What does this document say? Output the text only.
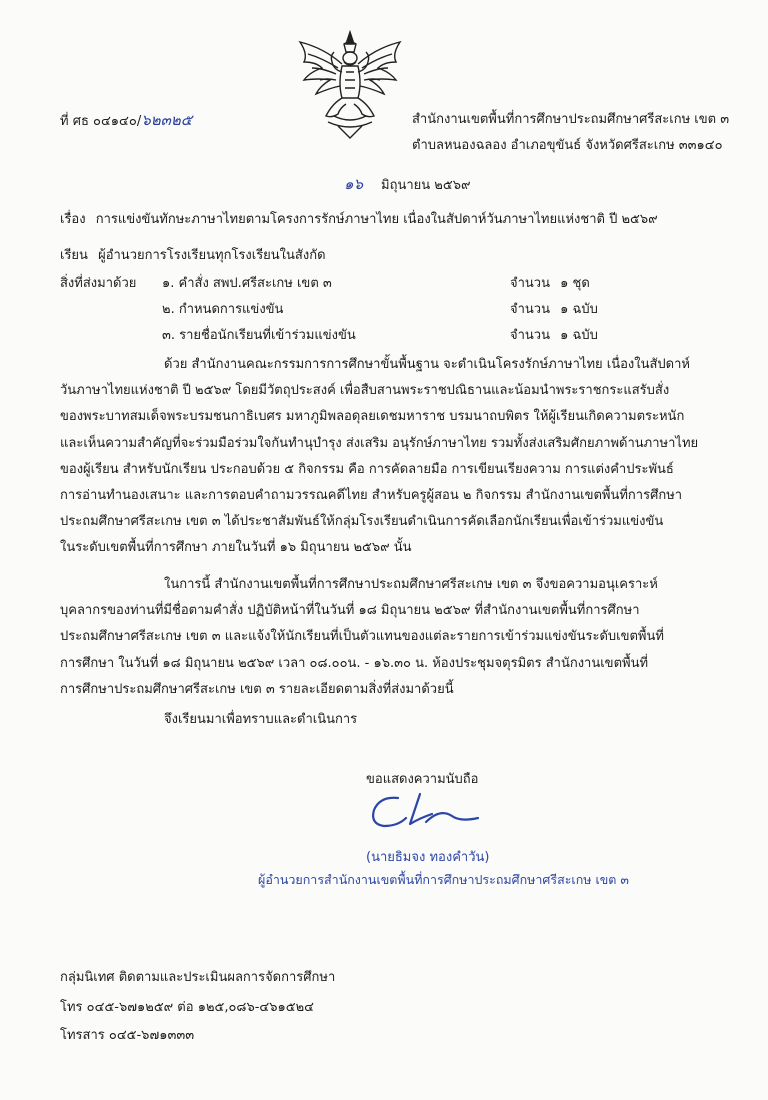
ที่ ศธ ๐๔๑๔๐/๖๒๓๒๕	สำนักงานเขตพื้นที่การศึกษาประถมศึกษาศรีสะเกษ เขต ๓
ตำบลหนองฉลอง อำเภอขุขันธ์ จังหวัดศรีสะเกษ ๓๓๑๔๐
๑๖ มิถุนายน ๒๕๖๙
เรื่อง การแข่งขันทักษะภาษาไทยตามโครงการรักษ์ภาษาไทย เนื่องในสัปดาห์วันภาษาไทยแห่งชาติ ปี ๒๕๖๙
เรียน ผู้อำนวยการโรงเรียนทุกโรงเรียนในสังกัด
สิ่งที่ส่งมาด้วย ๑. คำสั่ง สพป.ศรีสะเกษ เขต ๓	จำนวน ๑ ชุด
๒. กำหนดการแข่งขัน	จำนวน ๑ ฉบับ
๓. รายชื่อนักเรียนที่เข้าร่วมแข่งขัน	จำนวน ๑ ฉบับ
ด้วย สำนักงานคณะกรรมการการศึกษาขั้นพื้นฐาน จะดำเนินโครงรักษ์ภาษาไทย เนื่องในสัปดาห์
วันภาษาไทยแห่งชาติ ปี ๒๕๖๙ โดยมีวัตถุประสงค์ เพื่อสืบสานพระราชปณิธานและน้อมนำพระราชกระแสรับสั่ง
ของพระบาทสมเด็จพระบรมชนกาธิเบศร มหาภูมิพลอดุลยเดชมหาราช บรมนาถบพิตร ให้ผู้เรียนเกิดความตระหนัก
และเห็นความสำคัญที่จะร่วมมือร่วมใจกันทำนุบำรุง ส่งเสริม อนุรักษ์ภาษาไทย รวมทั้งส่งเสริมศักยภาพด้านภาษาไทย
ของผู้เรียน สำหรับนักเรียน ประกอบด้วย ๕ กิจกรรม คือ การคัดลายมือ การเขียนเรียงความ การแต่งคำประพันธ์
การอ่านทำนองเสนาะ และการตอบคำถามวรรณคดีไทย สำหรับครูผู้สอน ๒ กิจกรรม สำนักงานเขตพื้นที่การศึกษา
ประถมศึกษาศรีสะเกษ เขต ๓ ได้ประชาสัมพันธ์ให้กลุ่มโรงเรียนดำเนินการคัดเลือกนักเรียนเพื่อเข้าร่วมแข่งขัน
ในระดับเขตพื้นที่การศึกษา ภายในวันที่ ๑๖ มิถุนายน ๒๕๖๙ นั้น
ในการนี้ สำนักงานเขตพื้นที่การศึกษาประถมศึกษาศรีสะเกษ เขต ๓ จึงขอความอนุเคราะห์
บุคลากรของท่านที่มีชื่อตามคำสั่ง ปฏิบัติหน้าที่ในวันที่ ๑๘ มิถุนายน ๒๕๖๙ ที่สำนักงานเขตพื้นที่การศึกษา
ประถมศึกษาศรีสะเกษ เขต ๓ และแจ้งให้นักเรียนที่เป็นตัวแทนของแต่ละรายการเข้าร่วมแข่งขันระดับเขตพื้นที่
การศึกษา ในวันที่ ๑๘ มิถุนายน ๒๕๖๙ เวลา ๐๘.๐๐น. - ๑๖.๓๐ น. ห้องประชุมจตุรมิตร สำนักงานเขตพื้นที่
การศึกษาประถมศึกษาศรีสะเกษ เขต ๓ รายละเอียดตามสิ่งที่ส่งมาด้วยนี้
จึงเรียนมาเพื่อทราบและดำเนินการ
ขอแสดงความนับถือ
(นายธิมจง ทองคำวัน)
ผู้อำนวยการสำนักงานเขตพื้นที่การศึกษาประถมศึกษาศรีสะเกษ เขต ๓
กลุ่มนิเทศ ติดตามและประเมินผลการจัดการศึกษา
โทร ๐๔๕-๖๗๑๒๕๙ ต่อ ๑๒๕,๐๘๖-๔๖๑๕๒๔
โทรสาร ๐๔๕-๖๗๑๓๓๓
